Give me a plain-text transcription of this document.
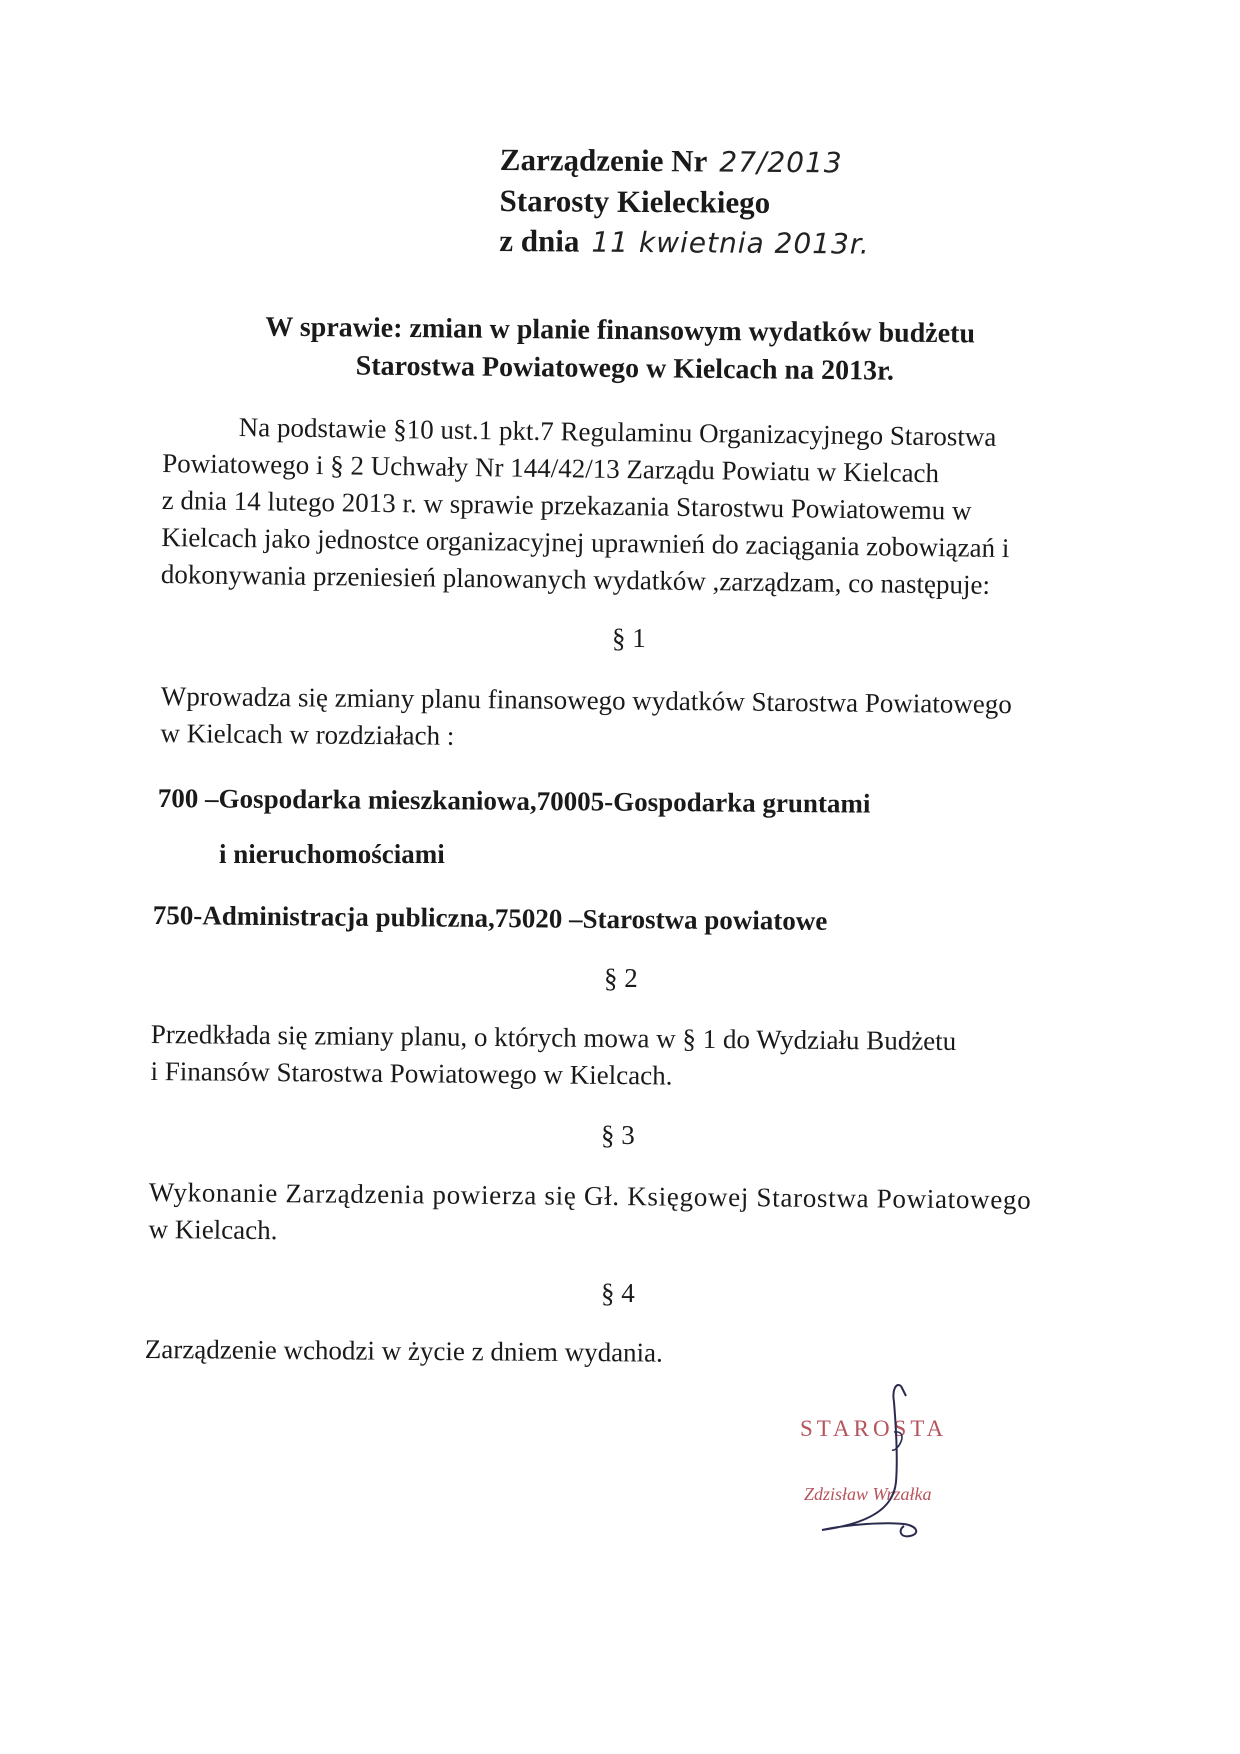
Zarządzenie Nr 27/2013
Starosty Kieleckiego
z dnia 11 kwietnia 2013r.
W sprawie: zmian w planie finansowym wydatków budżetu
Starostwa Powiatowego w Kielcach na 2013r.
Na podstawie §10 ust.1 pkt.7 Regulaminu Organizacyjnego Starostwa
Powiatowego i § 2 Uchwały Nr 144/42/13 Zarządu Powiatu w Kielcach
z dnia 14 lutego 2013 r. w sprawie przekazania Starostwu Powiatowemu w
Kielcach jako jednostce organizacyjnej uprawnień do zaciągania zobowiązań i
dokonywania przeniesień planowanych wydatków ,zarządzam, co następuje:
§ 1
Wprowadza się zmiany planu finansowego wydatków Starostwa Powiatowego
w Kielcach w rozdziałach :
700 –Gospodarka mieszkaniowa,70005-Gospodarka gruntami
i nieruchomościami
750-Administracja publiczna,75020 –Starostwa powiatowe
§ 2
Przedkłada się zmiany planu, o których mowa w § 1 do Wydziału Budżetu
i Finansów Starostwa Powiatowego w Kielcach.
§ 3
Wykonanie Zarządzenia powierza się Gł. Księgowej Starostwa Powiatowego
w Kielcach.
§ 4
Zarządzenie wchodzi w życie z dniem wydania.
STAROSTA
Zdzisław Wrzałka
